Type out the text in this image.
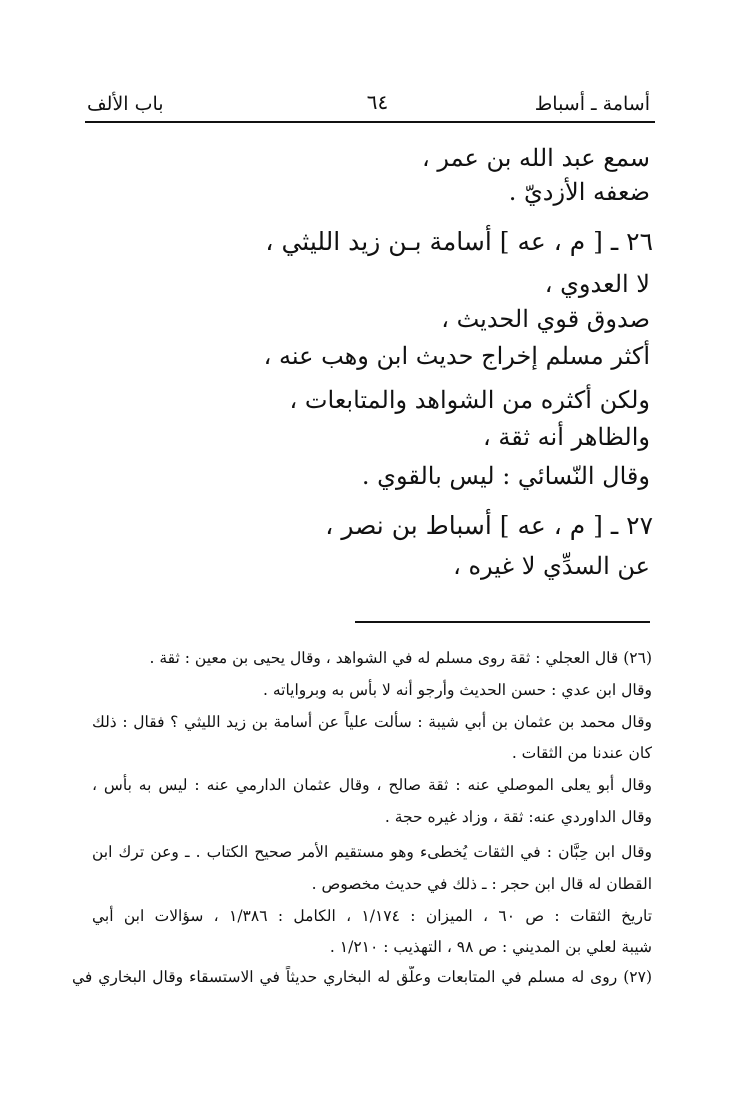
أسامة ـ أسباط
٦٤
باب الألف
سمع عبد الله بن عمر ،
ضعفه الأزديّ .
٢٦ ـ [ م ، عه ] أسامة بـن زيد الليثي ،
لا العدوي ،
صدوق قوي الحديث ،
أكثر مسلم إخراج حديث ابن وهب عنه ،
ولكن أكثره من الشواهد والمتابعات ،
والظاهر أنه ثقة ،
وقال النّسائي : ليس بالقوي .
٢٧ ـ [ م ، عه ] أسباط بن نصر ،
عن السدِّي لا غيره ،
(٢٦) قال العجلي : ثقة روى مسلم له في الشواهد ، وقال يحيى بن معين : ثقة .
وقال ابن عدي : حسن الحديث وأرجو أنه لا بأس به وبرواياته .
وقال محمد بن عثمان بن أبي شيبة : سألت علياً عن أسامة بن زيد الليثي ؟ فقال : ذلك
كان عندنا من الثقات .
وقال أبو يعلى الموصلي عنه : ثقة صالح ، وقال عثمان الدارمي عنه : ليس به بأس ،
وقال الداوردي عنه: ثقة ، وزاد غيره حجة .
وقال ابن حِبَّان : في الثقات يُخطىء وهو مستقيم الأمر صحيح الكتاب . ـ وعن ترك ابن
القطان له قال ابن حجر : ـ ذلك في حديث مخصوص .
تاريخ الثقات : ص ٦٠ ، الميزان : ١/١٧٤ ، الكامل : ١/٣٨٦ ، سؤالات ابن أبي
شيبة لعلي بن المديني : ص ٩٨ ، التهذيب : ١/٢١٠ .
(٢٧) روى له مسلم في المتابعات وعلّق له البخاري حديثاً في الاستسقاء وقال البخاري في
